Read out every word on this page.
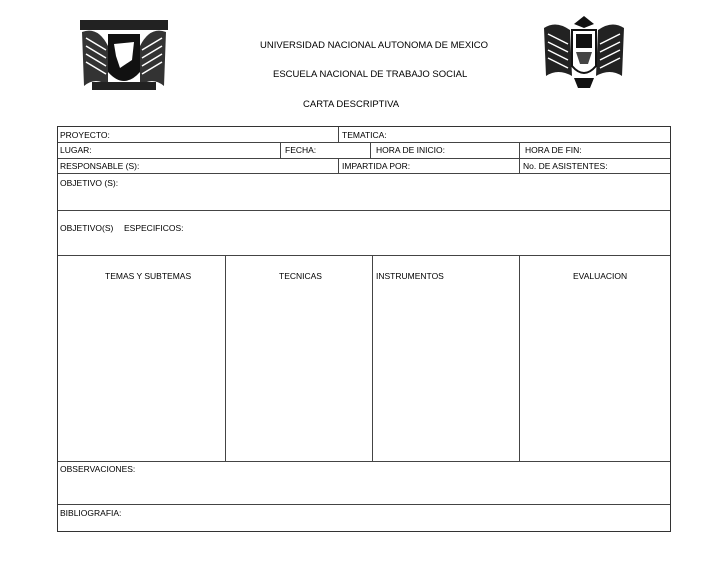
UNIVERSIDAD NACIONAL AUTONOMA DE MEXICO
ESCUELA NACIONAL DE TRABAJO SOCIAL
CARTA DESCRIPTIVA
PROYECTO:	TEMATICA:
LUGAR:	FECHA:	HORA DE INICIO:	HORA DE FIN:
RESPONSABLE (S):	IMPARTIDA POR:	No. DE ASISTENTES:
OBJETIVO (S):
OBJETIVO(S) ESPECIFICOS:
TEMAS Y SUBTEMAS	TECNICAS	INSTRUMENTOS	EVALUACION
OBSERVACIONES:
BIBLIOGRAFIA:
